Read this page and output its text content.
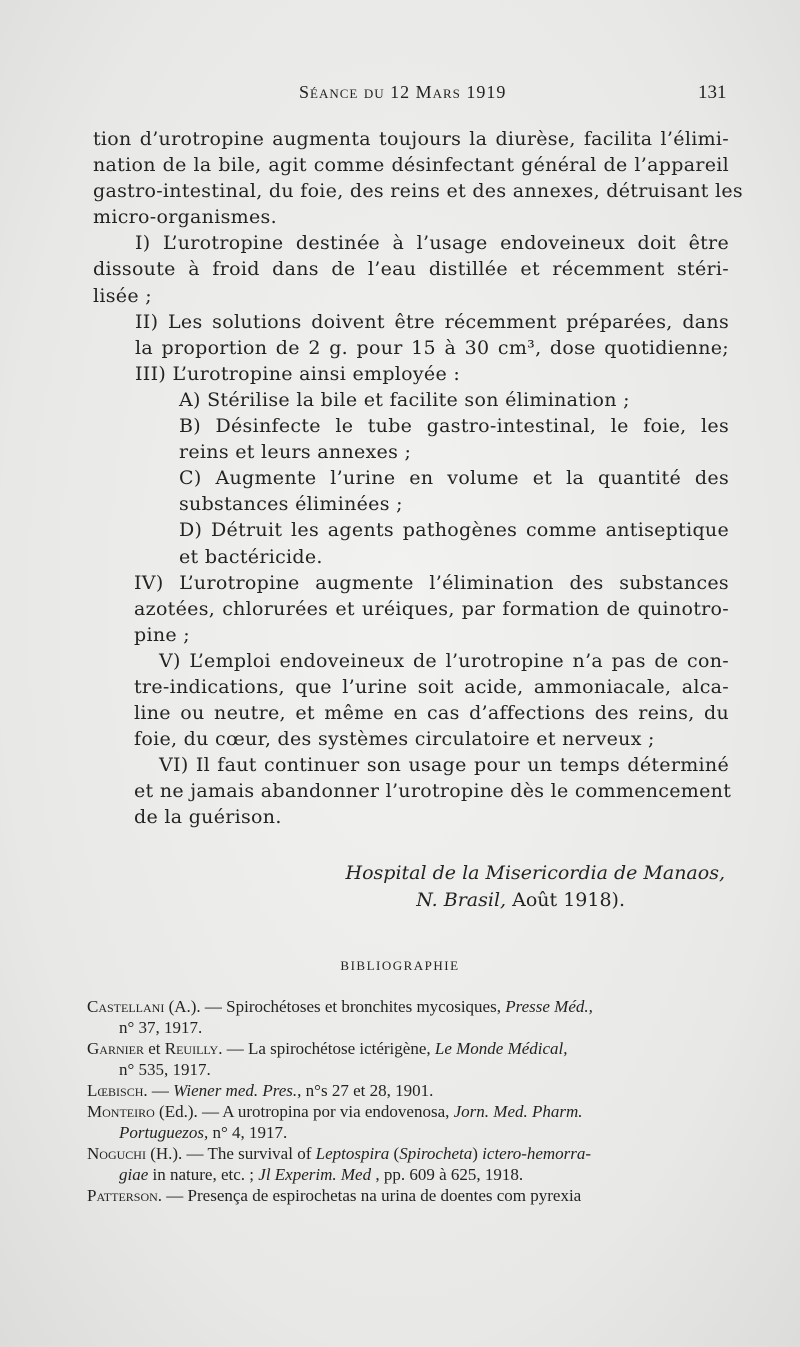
Séance du 12 Mars 1919	131
tion d’urotropine augmenta toujours la diurèse, facilita l’élimi-
nation de la bile, agit comme désinfectant général de l’appareil
gastro-intestinal, du foie, des reins et des annexes, détruisant les
micro-organismes.
I) L’urotropine destinée à l’usage endoveineux doit être
dissoute à froid dans de l’eau distillée et récemment stéri-
lisée ;
II) Les solutions doivent être récemment préparées, dans
la proportion de 2 g. pour 15 à 30 cm³, dose quotidienne;
III) L’urotropine ainsi employée :
A) Stérilise la bile et facilite son élimination ;
B) Désinfecte le tube gastro-intestinal, le foie, les
reins et leurs annexes ;
C) Augmente l’urine en volume et la quantité des
substances éliminées ;
D) Détruit les agents pathogènes comme antiseptique
et bactéricide.
IV) L’urotropine augmente l’élimination des substances
azotées, chlorurées et uréiques, par formation de quinotro-
pine ;
V) L’emploi endoveineux de l’urotropine n’a pas de con-
tre-indications, que l’urine soit acide, ammoniacale, alca-
line ou neutre, et même en cas d’affections des reins, du
foie, du cœur, des systèmes circulatoire et nerveux ;
VI) Il faut continuer son usage pour un temps déterminé
et ne jamais abandonner l’urotropine dès le commencement
de la guérison.
Hospital de la Misericordia de Manaos,
N. Brasil, Août 1918).
BIBLIOGRAPHIE
Castellani (A.). — Spirochétoses et bronchites mycosiques, Presse Méd.,
n° 37, 1917.
Garnier et Reuilly. — La spirochétose ictérigène, Le Monde Médical,
n° 535, 1917.
Lœbisch. — Wiener med. Pres., n°s 27 et 28, 1901.
Monteiro (Ed.). — A urotropina por via endovenosa, Jorn. Med. Pharm.
Portuguezos, n° 4, 1917.
Noguchi (H.). — The survival of Leptospira (Spirocheta) ictero-hemorra-
giae in nature, etc. ; Jl Experim. Med , pp. 609 à 625, 1918.
Patterson. — Presença de espirochetas na urina de doentes com pyrexia
